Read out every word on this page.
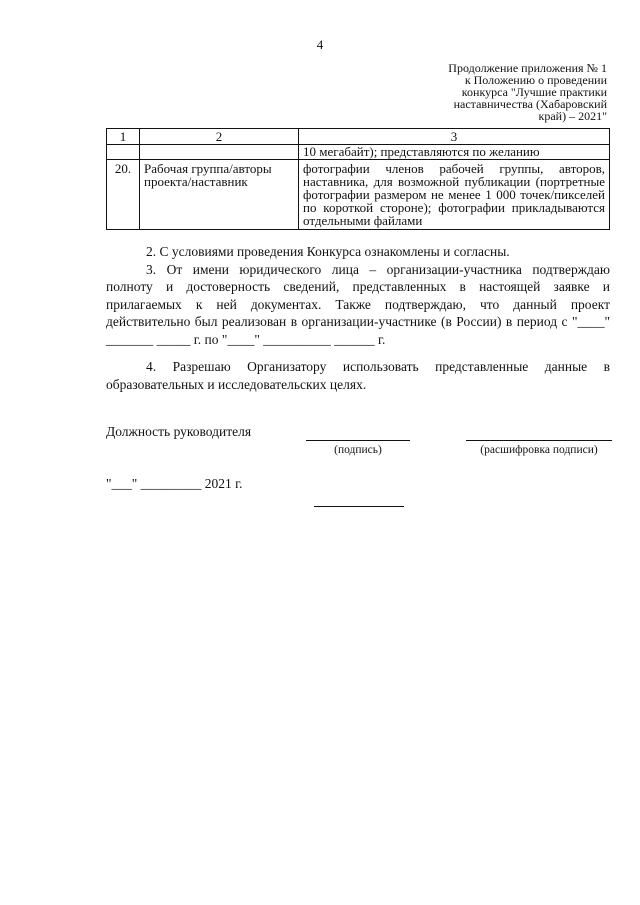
4
Продолжение приложения № 1
к Положению о проведении
конкурса "Лучшие практики
наставничества (Хабаровский
край) – 2021"
1	2	3
		10 мегабайт); представляются по желанию
20.	Рабочая группа/авторы проекта/наставник	фотографии членов рабочей группы, авторов, наставника, для возможной публикации (портретные фотографии размером не менее 1 000 точек/пикселей по короткой стороне); фотографии прикладываются отдельными файлами

2. С условиями проведения Конкурса ознакомлены и согласны.

3. От имени юридического лица – организации-участника подтверждаю полноту и достоверность сведений, представленных в настоящей заявке и прилагаемых к ней документах. Также подтверждаю, что данный проект действительно был реализован в организации-участнике (в России) в период с "____" _______ _____ г. по "____" __________ ______ г.

4. Разрешаю Организатору использовать представленные данные в образовательных и исследовательских целях.

Должность руководителя
(подпись)	(расшифровка подписи)
"___" _________ 2021 г.
